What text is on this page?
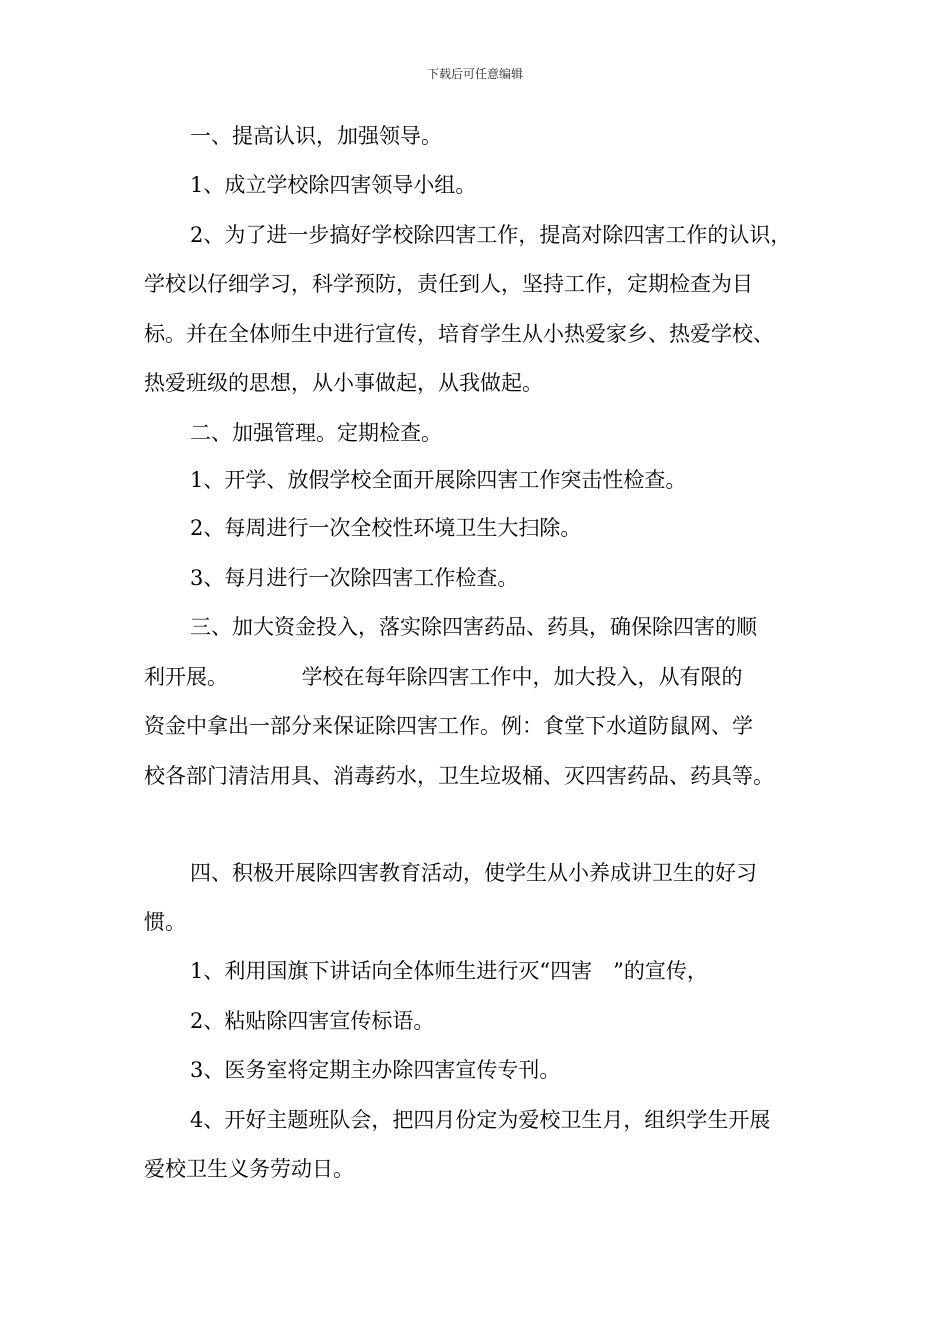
下载后可任意编辑
一、提高认识，加强领导。
1、成立学校除四害领导小组。
2、为了进一步搞好学校除四害工作，提高对除四害工作的认识，
学校以仔细学习，科学预防，责任到人，坚持工作，定期检查为目
标。并在全体师生中进行宣传，培育学生从小热爱家乡、热爱学校、
热爱班级的思想，从小事做起，从我做起。
二、加强管理。定期检查。
1、开学、放假学校全面开展除四害工作突击性检查。
2、每周进行一次全校性环境卫生大扫除。
3、每月进行一次除四害工作检查。
三、加大资金投入，落实除四害药品、药具，确保除四害的顺
利开展。　　　　学校在每年除四害工作中，加大投入，从有限的
资金中拿出一部分来保证除四害工作。例：食堂下水道防鼠网、学
校各部门清洁用具、消毒药水，卫生垃圾桶、灭四害药品、药具等。
四、积极开展除四害教育活动，使学生从小养成讲卫生的好习
惯。
1、利用国旗下讲话向全体师生进行灭“四害　”的宣传，
2、粘贴除四害宣传标语。
3、医务室将定期主办除四害宣传专刊。
4、开好主题班队会，把四月份定为爱校卫生月，组织学生开展
爱校卫生义务劳动日。
